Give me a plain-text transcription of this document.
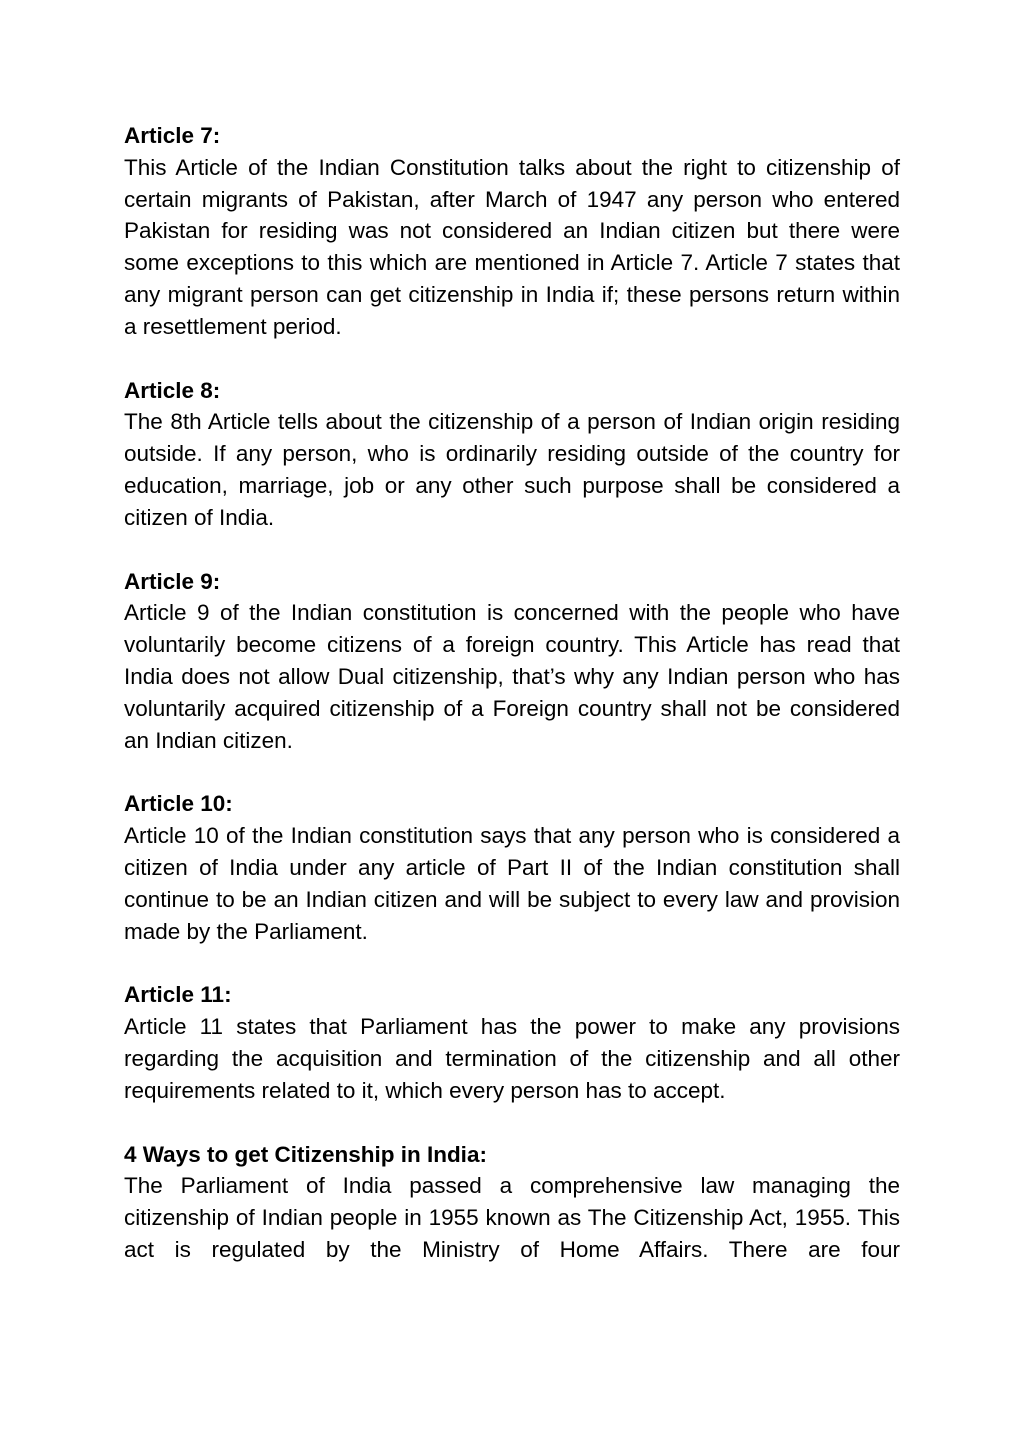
Article 7:

This Article of the Indian Constitution talks about the right to citizenship of certain migrants of Pakistan, after March of 1947 any person who entered Pakistan for residing was not considered an Indian citizen but there were some exceptions to this which are mentioned in Article 7. Article 7 states that any migrant person can get citizenship in India if; these persons return within a resettlement period.

Article 8:

The 8th Article tells about the citizenship of a person of Indian origin residing outside. If any person, who is ordinarily residing outside of the country for education, marriage, job or any other such purpose shall be considered a citizen of India.

Article 9:

Article 9 of the Indian constitution is concerned with the people who have voluntarily become citizens of a foreign country. This Article has read that India does not allow Dual citizenship, that’s why any Indian person who has voluntarily acquired citizenship of a Foreign country shall not be considered an Indian citizen.

Article 10:

Article 10 of the Indian constitution says that any person who is considered a citizen of India under any article of Part II of the Indian constitution shall continue to be an Indian citizen and will be subject to every law and provision made by the Parliament.

Article 11:

Article 11 states that Parliament has the power to make any provisions regarding the acquisition and termination of the citizenship and all other requirements related to it, which every person has to accept.

4 Ways to get Citizenship in India:

The Parliament of India passed a comprehensive law managing the citizenship of Indian people in 1955 known as The Citizenship Act, 1955. This act is regulated by the Ministry of Home Affairs. There are four
